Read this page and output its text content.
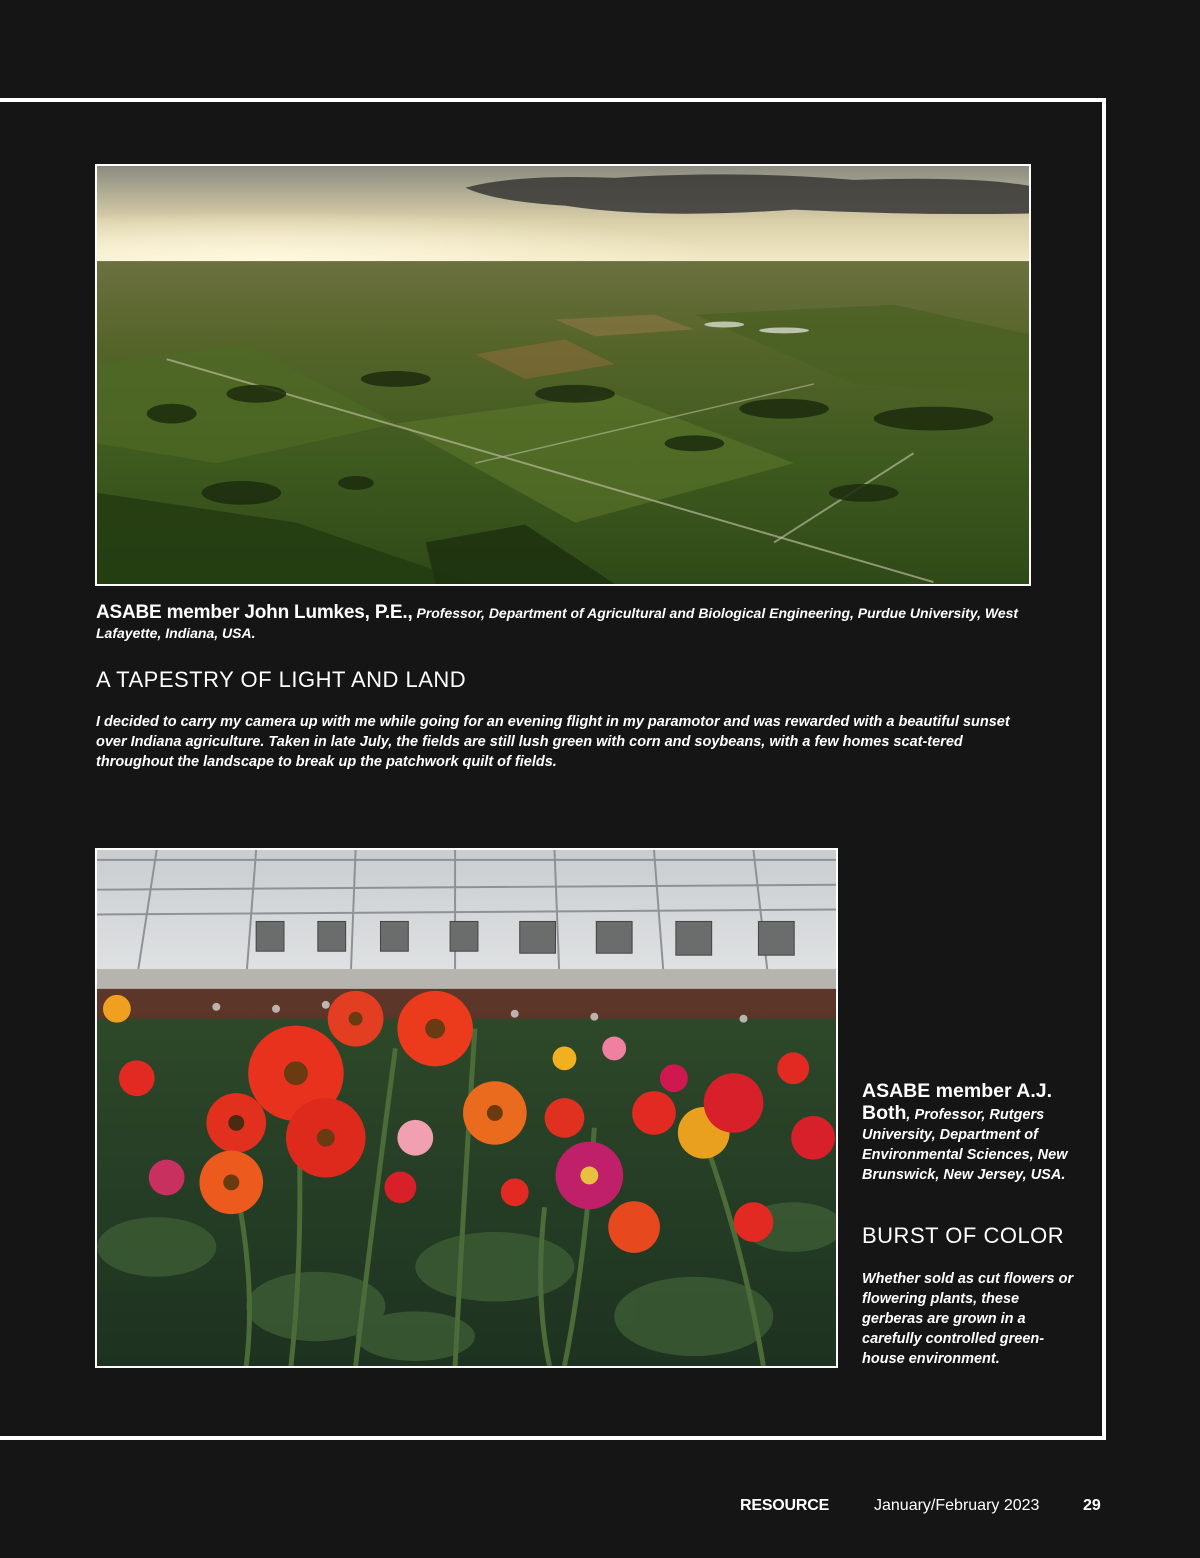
ASABE member John Lumkes, P.E., Professor, Department of Agricultural and Biological Engineering, Purdue University, West Lafayette, Indiana, USA.
A TAPESTRY OF LIGHT AND LAND
I decided to carry my camera up with me while going for an evening flight in my paramotor and was rewarded with a beautiful sunset over Indiana agriculture. Taken in late July, the fields are still lush green with corn and soybeans, with a few homes scat-tered throughout the landscape to break up the patchwork quilt of fields.
ASABE member A.J. Both, Professor, Rutgers University, Department of Environmental Sciences, New Brunswick, New Jersey, USA.
BURST OF COLOR
Whether sold as cut flowers or flowering plants, these gerberas are grown in a carefully controlled green-house environment.
RESOURCE	January/February 2023	29
